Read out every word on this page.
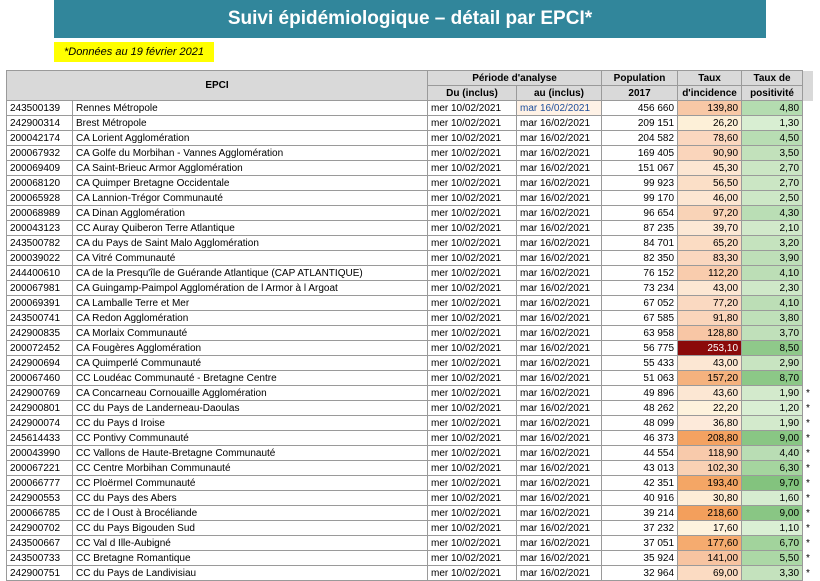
Suivi épidémiologique – détail par EPCI*
*Données au 19 février 2021
EPCI		Période d'analyse		Population	Taux	Taux de	
		Du (inclus)	au (inclus)	2017	d'incidence	positivité	
243500139	Rennes Métropole	mer 10/02/2021	mar 16/02/2021	456 660	139,80	4,80	
242900314	Brest Métropole	mer 10/02/2021	mar 16/02/2021	209 151	26,20	1,30	
200042174	CA Lorient Agglomération	mer 10/02/2021	mar 16/02/2021	204 582	78,60	4,50	
200067932	CA Golfe du Morbihan - Vannes Agglomération	mer 10/02/2021	mar 16/02/2021	169 405	90,90	3,50	
200069409	CA Saint-Brieuc Armor Agglomération	mer 10/02/2021	mar 16/02/2021	151 067	45,30	2,70	
200068120	CA Quimper Bretagne Occidentale	mer 10/02/2021	mar 16/02/2021	99 923	56,50	2,70	
200065928	CA Lannion-Trégor Communauté	mer 10/02/2021	mar 16/02/2021	99 170	46,00	2,50	
200068989	CA Dinan Agglomération	mer 10/02/2021	mar 16/02/2021	96 654	97,20	4,30	
200043123	CC Auray Quiberon Terre Atlantique	mer 10/02/2021	mar 16/02/2021	87 235	39,70	2,10	
243500782	CA du Pays de Saint Malo Agglomération	mer 10/02/2021	mar 16/02/2021	84 701	65,20	3,20	
200039022	CA Vitré Communauté	mer 10/02/2021	mar 16/02/2021	82 350	83,30	3,90	
244400610	CA de la Presqu'île de Guérande Atlantique (CAP ATLANTIQUE)	mer 10/02/2021	mar 16/02/2021	76 152	112,20	4,10	
200067981	CA Guingamp-Paimpol Agglomération de l Armor à l Argoat	mer 10/02/2021	mar 16/02/2021	73 234	43,00	2,30	
200069391	CA Lamballe Terre et Mer	mer 10/02/2021	mar 16/02/2021	67 052	77,20	4,10	
243500741	CA Redon Agglomération	mer 10/02/2021	mar 16/02/2021	67 585	91,80	3,80	
242900835	CA Morlaix Communauté	mer 10/02/2021	mar 16/02/2021	63 958	128,80	3,70	
200072452	CA Fougères Agglomération	mer 10/02/2021	mar 16/02/2021	56 775	253,10	8,50	
242900694	CA Quimperlé Communauté	mer 10/02/2021	mar 16/02/2021	55 433	43,00	2,90	
200067460	CC Loudéac Communauté - Bretagne Centre	mer 10/02/2021	mar 16/02/2021	51 063	157,20	8,70	
242900769	CA Concarneau Cornouaille Agglomération	mer 10/02/2021	mar 16/02/2021	49 896	43,60	1,90	*
242900801	CC du Pays de Landerneau-Daoulas	mer 10/02/2021	mar 16/02/2021	48 262	22,20	1,20	*
242900074	CC du Pays d Iroise	mer 10/02/2021	mar 16/02/2021	48 099	36,80	1,90	*
245614433	CC Pontivy Communauté	mer 10/02/2021	mar 16/02/2021	46 373	208,80	9,00	*
200043990	CC Vallons de Haute-Bretagne Communauté	mer 10/02/2021	mar 16/02/2021	44 554	118,90	4,40	*
200067221	CC Centre Morbihan Communauté	mer 10/02/2021	mar 16/02/2021	43 013	102,30	6,30	*
200066777	CC Ploërmel Communauté	mer 10/02/2021	mar 16/02/2021	42 351	193,40	9,70	*
242900553	CC du Pays des Abers	mer 10/02/2021	mar 16/02/2021	40 916	30,80	1,60	*
200066785	CC de l Oust à Brocéliande	mer 10/02/2021	mar 16/02/2021	39 214	218,60	9,00	*
242900702	CC du Pays Bigouden Sud	mer 10/02/2021	mar 16/02/2021	37 232	17,60	1,10	*
243500667	CC Val d Ille-Aubigné	mer 10/02/2021	mar 16/02/2021	37 051	177,60	6,70	*
243500733	CC Bretagne Romantique	mer 10/02/2021	mar 16/02/2021	35 924	141,00	5,50	*
242900751	CC du Pays de Landivisiau	mer 10/02/2021	mar 16/02/2021	32 964	69,00	3,30	*
